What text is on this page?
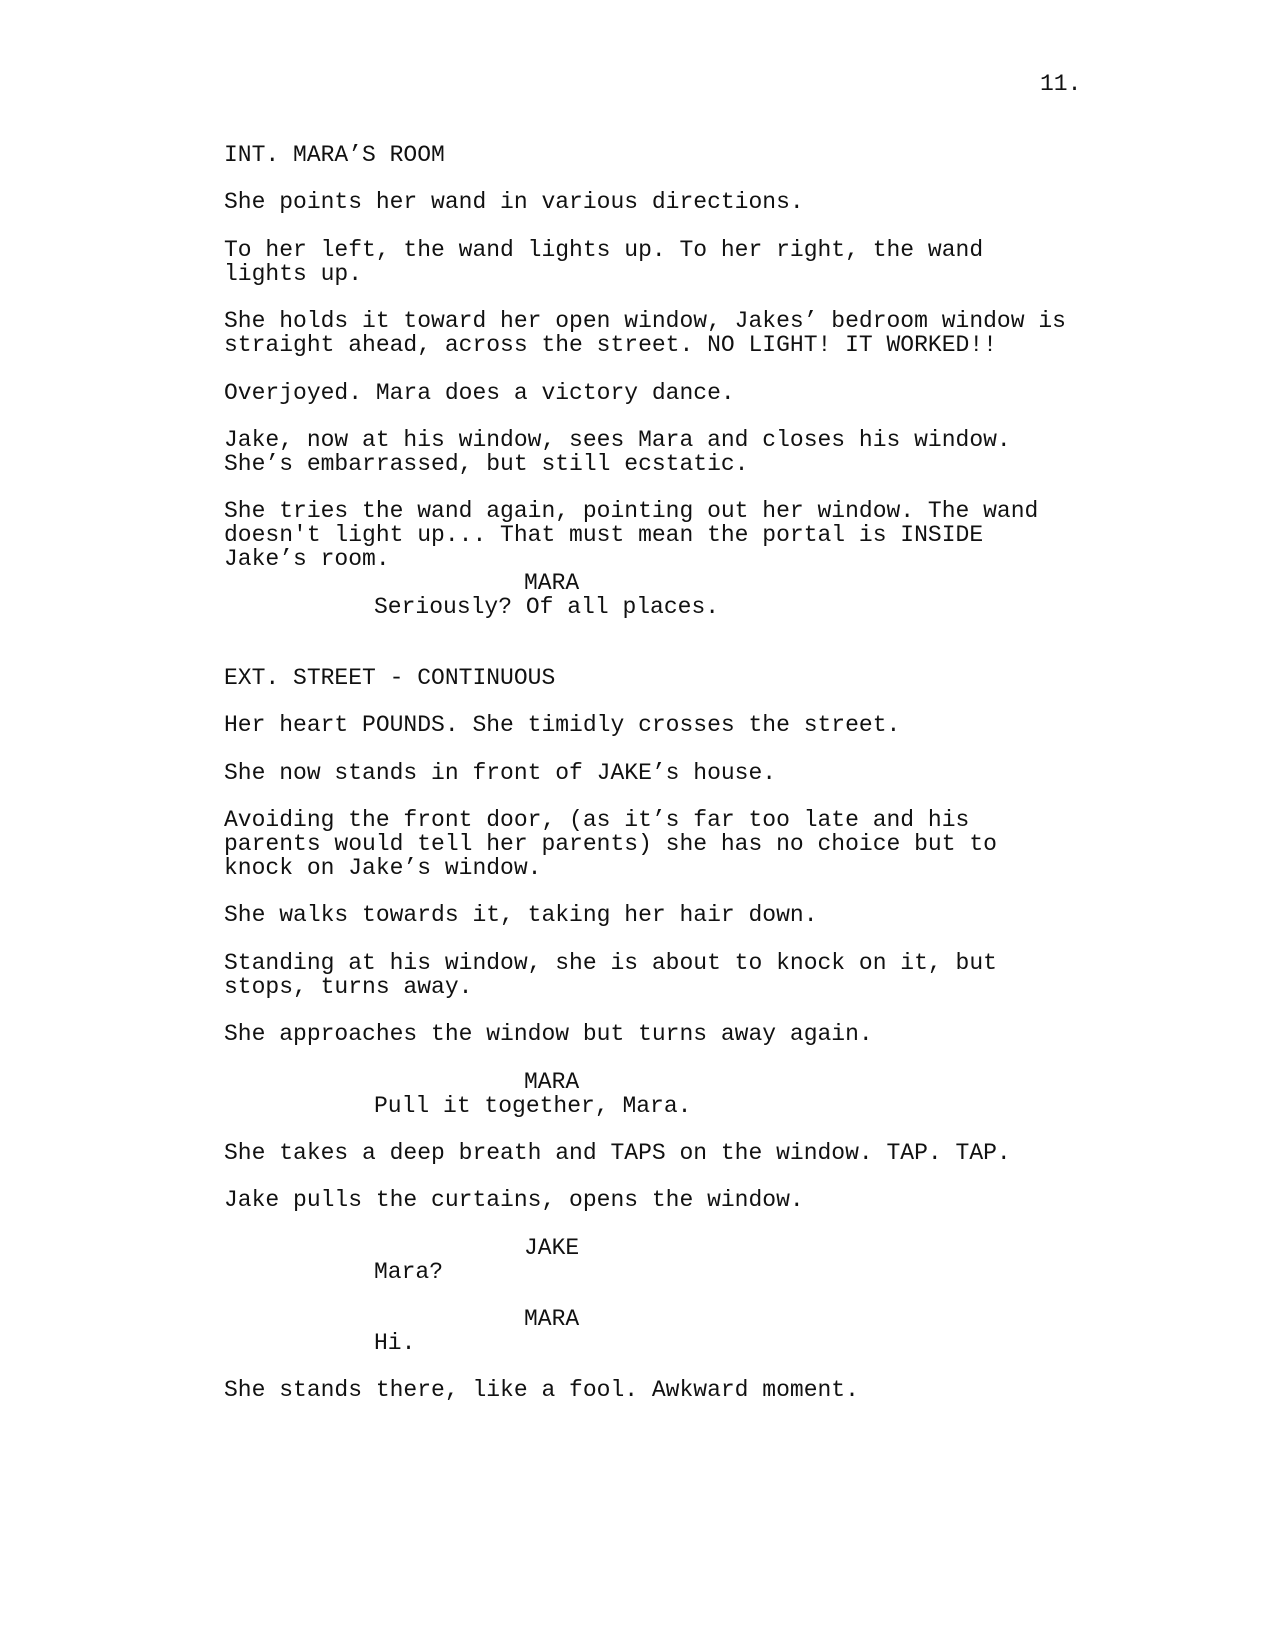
11.
INT. MARA’S ROOM
She points her wand in various directions.
To her left, the wand lights up. To her right, the wand
lights up.
She holds it toward her open window, Jakes’ bedroom window is
straight ahead, across the street. NO LIGHT! IT WORKED!!
Overjoyed. Mara does a victory dance.
Jake, now at his window, sees Mara and closes his window.
She’s embarrassed, but still ecstatic.
She tries the wand again, pointing out her window. The wand
doesn't light up... That must mean the portal is INSIDE
Jake’s room.
MARA
Seriously? Of all places.
EXT. STREET - CONTINUOUS
Her heart POUNDS. She timidly crosses the street.
She now stands in front of JAKE’s house.
Avoiding the front door, (as it’s far too late and his
parents would tell her parents) she has no choice but to
knock on Jake’s window.
She walks towards it, taking her hair down.
Standing at his window, she is about to knock on it, but
stops, turns away.
She approaches the window but turns away again.
MARA
Pull it together, Mara.
She takes a deep breath and TAPS on the window. TAP. TAP.
Jake pulls the curtains, opens the window.
JAKE
Mara?
MARA
Hi.
She stands there, like a fool. Awkward moment.
